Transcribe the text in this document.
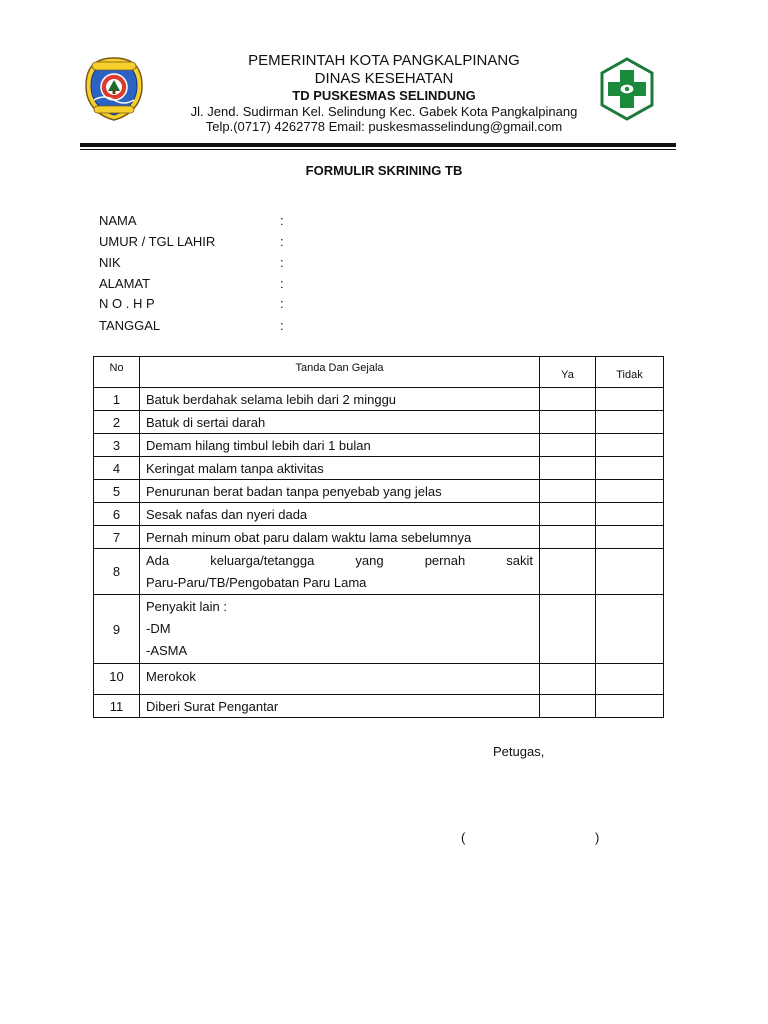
PEMERINTAH KOTA PANGKALPINANG
DINAS KESEHATAN
TD PUSKESMAS SELINDUNG
Jl. Jend. Sudirman Kel. Selindung Kec. Gabek Kota Pangkalpinang
Telp.(0717) 4262778 Email: puskesmasselindung@gmail.com
FORMULIR SKRINING TB
NAMA	:
UMUR / TGL LAHIR	:
NIK	:
ALAMAT	:
N O . H P	:
TANGGAL	:
No	Tanda Dan Gejala	Ya	Tidak
1	Batuk berdahak selama lebih dari 2 minggu		
2	Batuk di sertai darah		
3	Demam hilang timbul lebih dari 1 bulan		
4	Keringat malam tanpa aktivitas		
5	Penurunan berat badan tanpa penyebab yang jelas		
6	Sesak nafas dan nyeri dada		
7	Pernah minum obat paru dalam waktu lama sebelumnya		
8	Ada keluarga/tetangga yang pernah sakit
Paru-Paru/TB/Pengobatan Paru Lama		

9	Penyakit lain :
-DM
-ASMA		

10	Merokok		
11	Diberi Surat Pengantar		
Petugas,
(	)
